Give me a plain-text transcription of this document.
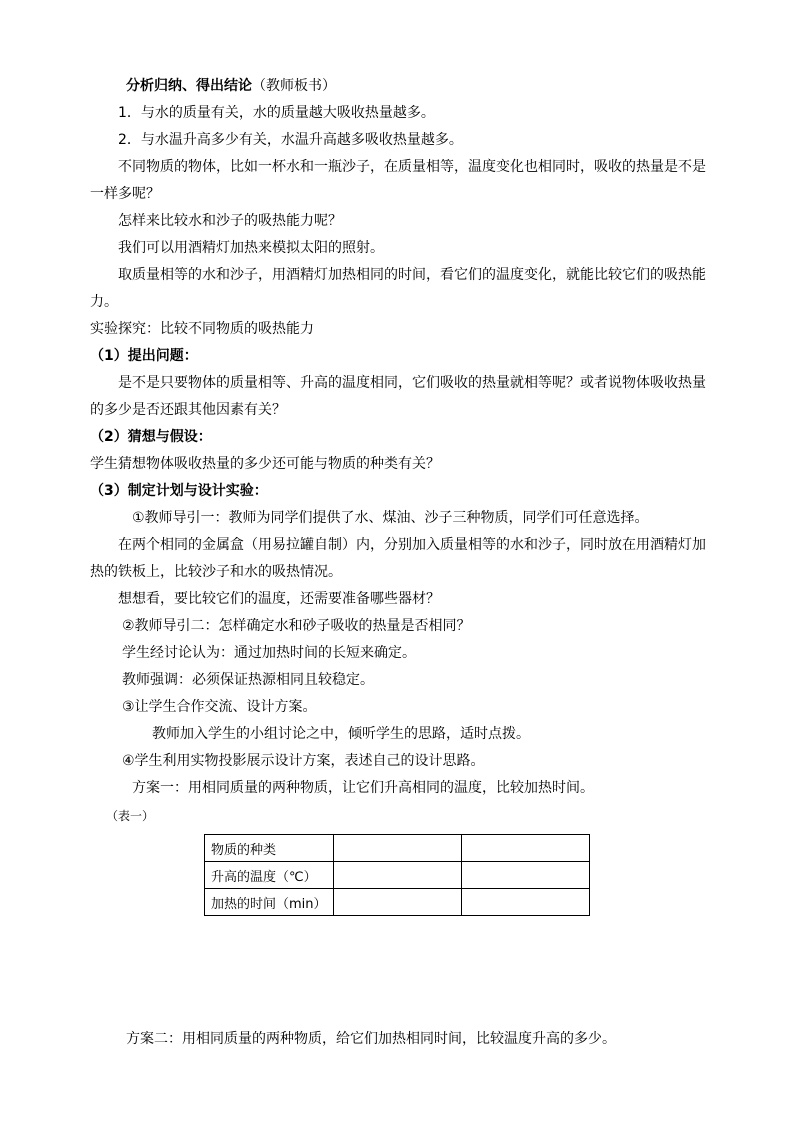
分析归纳、得出结论（教师板书）
1．与水的质量有关，水的质量越大吸收热量越多。
2．与水温升高多少有关，水温升高越多吸收热量越多。
不同物质的物体，比如一杯水和一瓶沙子，在质量相等，温度变化也相同时，吸收的热量是不是
一样多呢？
怎样来比较水和沙子的吸热能力呢？
我们可以用酒精灯加热来模拟太阳的照射。
取质量相等的水和沙子，用酒精灯加热相同的时间，看它们的温度变化，就能比较它们的吸热能
力。
实验探究：比较不同物质的吸热能力
（1）提出问题：
是不是只要物体的质量相等、升高的温度相同，它们吸收的热量就相等呢？或者说物体吸收热量
的多少是否还跟其他因素有关？
（2）猜想与假设：
学生猜想物体吸收热量的多少还可能与物质的种类有关？
（3）制定计划与设计实验：
①教师导引一：教师为同学们提供了水、煤油、沙子三种物质，同学们可任意选择。
在两个相同的金属盒（用易拉罐自制）内，分别加入质量相等的水和沙子，同时放在用酒精灯加
热的铁板上，比较沙子和水的吸热情况。
想想看，要比较它们的温度，还需要准备哪些器材？
②教师导引二：怎样确定水和砂子吸收的热量是否相同？
学生经讨论认为：通过加热时间的长短来确定。
教师强调：必须保证热源相同且较稳定。
③让学生合作交流、设计方案。
教师加入学生的小组讨论之中，倾听学生的思路，适时点拨。
④学生利用实物投影展示设计方案，表述自己的设计思路。
方案一：用相同质量的两种物质，让它们升高相同的温度，比较加热时间。
（表一）
物质的种类		
升高的温度（℃）		
加热的时间（min）		
方案二：用相同质量的两种物质，给它们加热相同时间，比较温度升高的多少。
